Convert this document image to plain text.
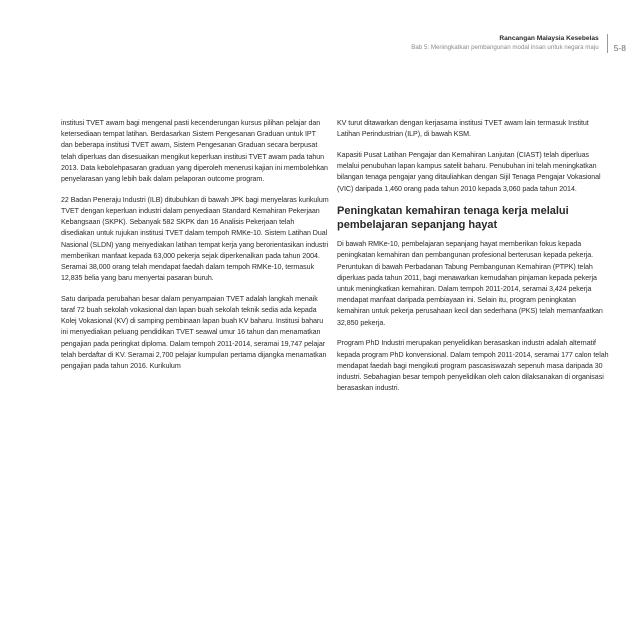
Rancangan Malaysia Kesebelas
Bab 5: Meningkatkan pembangunan modal insan untuk negara maju 5-8

institusi TVET awam bagi mengenal pasti kecenderungan kursus pilihan pelajar dan ketersediaan tempat latihan. Berdasarkan Sistem Pengesanan Graduan untuk IPT dan beberapa institusi TVET awam, Sistem Pengesanan Graduan secara berpusat telah diperluas dan disesuaikan mengikut keperluan institusi TVET awam pada tahun 2013. Data kebolehpasaran graduan yang diperoleh menerusi kajian ini membolehkan penyelarasan yang lebih baik dalam pelaporan outcome program.

22 Badan Peneraju Industri (ILB) ditubuhkan di bawah JPK bagi menyelaras kurikulum TVET dengan keperluan industri dalam penyediaan Standard Kemahiran Pekerjaan Kebangsaan (SKPK). Sebanyak 582 SKPK dan 16 Analisis Pekerjaan telah disediakan untuk rujukan institusi TVET dalam tempoh RMKe-10. Sistem Latihan Dual Nasional (SLDN) yang menyediakan latihan tempat kerja yang berorientasikan industri memberikan manfaat kepada 63,000 pekerja sejak diperkenalkan pada tahun 2004. Seramai 38,000 orang telah mendapat faedah dalam tempoh RMKe-10, termasuk 12,835 belia yang baru menyertai pasaran buruh.

Satu daripada perubahan besar dalam penyampaian TVET adalah langkah menaik taraf 72 buah sekolah vokasional dan lapan buah sekolah teknik sedia ada kepada Kolej Vokasional (KV) di samping pembinaan lapan buah KV baharu. Institusi baharu ini menyediakan peluang pendidikan TVET seawal umur 16 tahun dan menamatkan pengajian pada peringkat diploma. Dalam tempoh 2011-2014, seramai 19,747 pelajar telah berdaftar di KV. Seramai 2,700 pelajar kumpulan pertama dijangka menamatkan pengajian pada tahun 2016. Kurikulum

KV turut ditawarkan dengan kerjasama institusi TVET awam lain termasuk Institut Latihan Perindustrian (ILP), di bawah KSM.

Kapasiti Pusat Latihan Pengajar dan Kemahiran Lanjutan (CIAST) telah diperluas melalui penubuhan lapan kampus satelit baharu. Penubuhan ini telah meningkatkan bilangan tenaga pengajar yang ditauliahkan dengan Sijil Tenaga Pengajar Vokasional (VIC) daripada 1,460 orang pada tahun 2010 kepada 3,060 pada tahun 2014.

Peningkatan kemahiran tenaga kerja melalui pembelajaran sepanjang hayat

Di bawah RMKe-10, pembelajaran sepanjang hayat memberikan fokus kepada peningkatan kemahiran dan pembangunan profesional berterusan kepada pekerja. Peruntukan di bawah Perbadanan Tabung Pembangunan Kemahiran (PTPK) telah diperluas pada tahun 2011, bagi menawarkan kemudahan pinjaman kepada pekerja untuk meningkatkan kemahiran. Dalam tempoh 2011-2014, seramai 3,424 pekerja mendapat manfaat daripada pembiayaan ini. Selain itu, program peningkatan kemahiran untuk pekerja perusahaan kecil dan sederhana (PKS) telah memanfaatkan 32,850 pekerja.

Program PhD Industri merupakan penyelidikan berasaskan industri adalah alternatif kepada program PhD konvensional. Dalam tempoh 2011-2014, seramai 177 calon telah mendapat faedah bagi mengikuti program pascasiswazah sepenuh masa daripada 30 industri. Sebahagian besar tempoh penyelidikan oleh calon dilaksanakan di organisasi berasaskan industri.
